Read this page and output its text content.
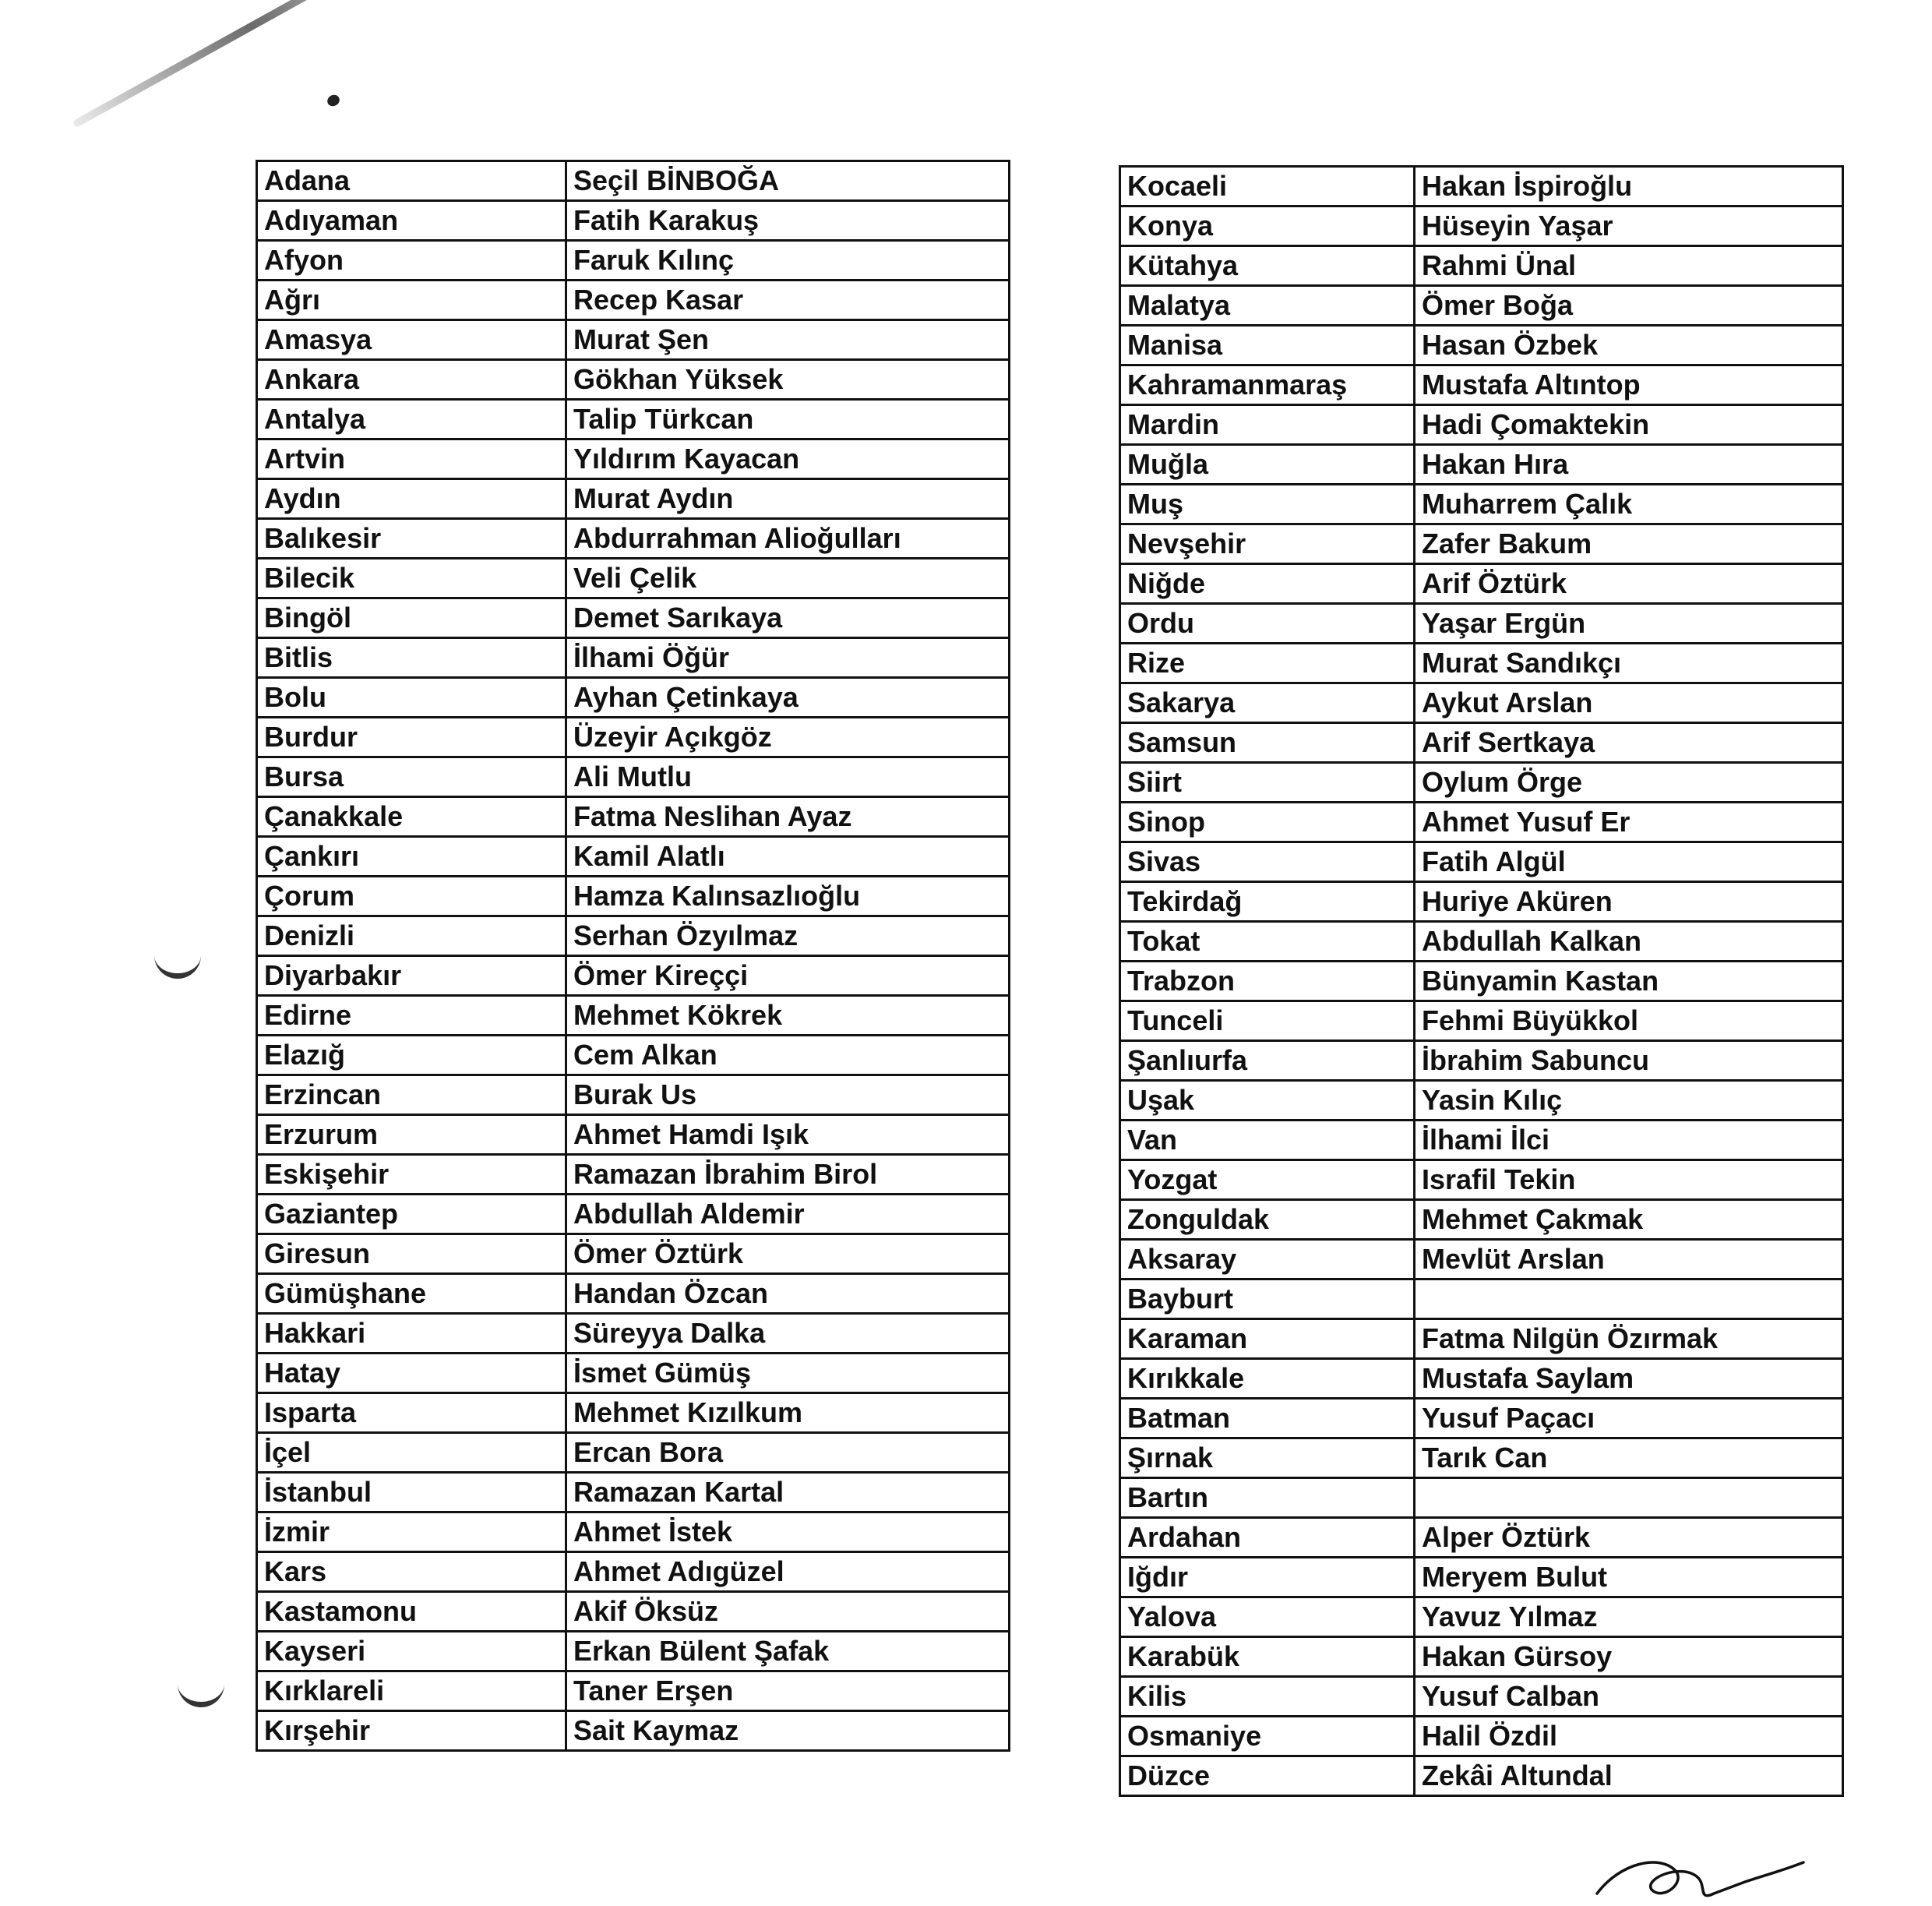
Adana	Seçil BİNBOĞA
Adıyaman	Fatih Karakuş
Afyon	Faruk Kılınç
Ağrı	Recep Kasar
Amasya	Murat Şen
Ankara	Gökhan Yüksek
Antalya	Talip Türkcan
Artvin	Yıldırım Kayacan
Aydın	Murat Aydın
Balıkesir	Abdurrahman Alioğulları
Bilecik	Veli Çelik
Bingöl	Demet Sarıkaya
Bitlis	İlhami Öğür
Bolu	Ayhan Çetinkaya
Burdur	Üzeyir Açıkgöz
Bursa	Ali Mutlu
Çanakkale	Fatma Neslihan Ayaz
Çankırı	Kamil Alatlı
Çorum	Hamza Kalınsazlıoğlu
Denizli	Serhan Özyılmaz
Diyarbakır	Ömer Kireççi
Edirne	Mehmet Kökrek
Elazığ	Cem Alkan
Erzincan	Burak Us
Erzurum	Ahmet Hamdi Işık
Eskişehir	Ramazan İbrahim Birol
Gaziantep	Abdullah Aldemir
Giresun	Ömer Öztürk
Gümüşhane	Handan Özcan
Hakkari	Süreyya Dalka
Hatay	İsmet Gümüş
Isparta	Mehmet Kızılkum
İçel	Ercan Bora
İstanbul	Ramazan Kartal
İzmir	Ahmet İstek
Kars	Ahmet Adıgüzel
Kastamonu	Akif Öksüz
Kayseri	Erkan Bülent Şafak
Kırklareli	Taner Erşen
Kırşehir	Sait Kaymaz
Kocaeli	Hakan İspiroğlu
Konya	Hüseyin Yaşar
Kütahya	Rahmi Ünal
Malatya	Ömer Boğa
Manisa	Hasan Özbek
Kahramanmaraş	Mustafa Altıntop
Mardin	Hadi Çomaktekin
Muğla	Hakan Hıra
Muş	Muharrem Çalık
Nevşehir	Zafer Bakum
Niğde	Arif Öztürk
Ordu	Yaşar Ergün
Rize	Murat Sandıkçı
Sakarya	Aykut Arslan
Samsun	Arif Sertkaya
Siirt	Oylum Örge
Sinop	Ahmet Yusuf Er
Sivas	Fatih Algül
Tekirdağ	Huriye Aküren
Tokat	Abdullah Kalkan
Trabzon	Bünyamin Kastan
Tunceli	Fehmi Büyükkol
Şanlıurfa	İbrahim Sabuncu
Uşak	Yasin Kılıç
Van	İlhami İlci
Yozgat	Israfil Tekin
Zonguldak	Mehmet Çakmak
Aksaray	Mevlüt Arslan
Bayburt	
Karaman	Fatma Nilgün Özırmak
Kırıkkale	Mustafa Saylam
Batman	Yusuf Paçacı
Şırnak	Tarık Can
Bartın	
Ardahan	Alper Öztürk
Iğdır	Meryem Bulut
Yalova	Yavuz Yılmaz
Karabük	Hakan Gürsoy
Kilis	Yusuf Calban
Osmaniye	Halil Özdil
Düzce	Zekâi Altundal
